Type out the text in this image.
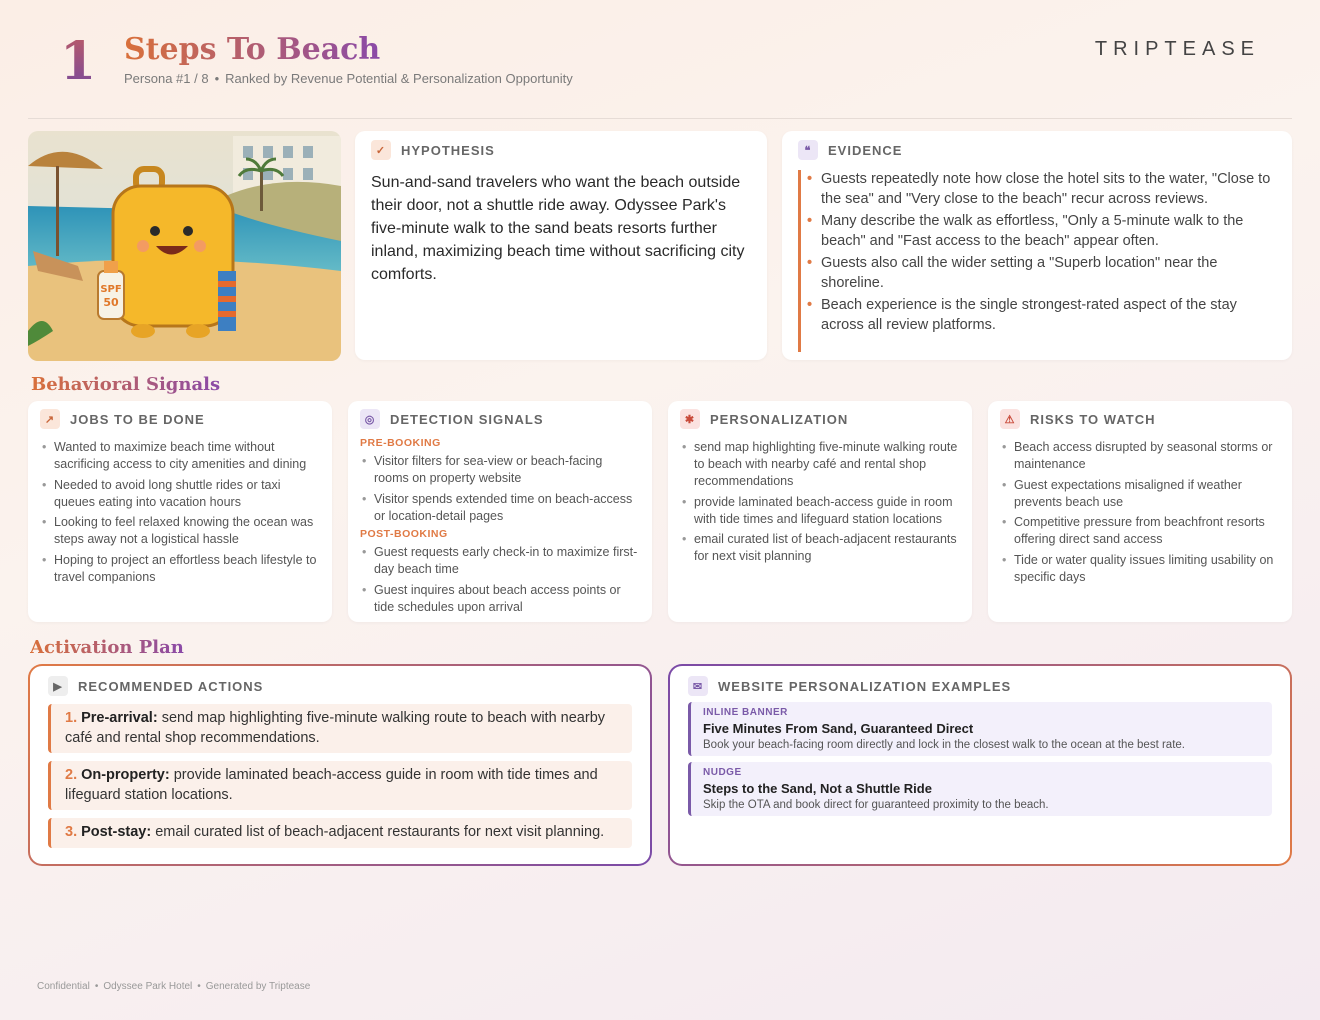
1 Steps To Beach
Persona #1 / 8 • Ranked by Revenue Potential & Personalization Opportunity
TRIPTEASE
SPF
50
✓	HYPOTHESIS
Sun-and-sand travelers who want the beach outside their door, not a shuttle ride away. Odyssee Park's five-minute walk to the sand beats resorts further inland, maximizing beach time without sacrificing city comforts.
❝	EVIDENCE
• Guests repeatedly note how close the hotel sits to the water, "Close to the sea" and "Very close to the beach" recur across reviews.
• Many describe the walk as effortless, "Only a 5-minute walk to the beach" and "Fast access to the beach" appear often.
• Guests also call the wider setting a "Superb location" near the shoreline.
• Beach experience is the single strongest-rated aspect of the stay across all review platforms.
Behavioral Signals
↗	JOBS TO BE DONE
• Wanted to maximize beach time without sacrificing access to city amenities and dining
• Needed to avoid long shuttle rides or taxi queues eating into vacation hours
• Looking to feel relaxed knowing the ocean was steps away not a logistical hassle
• Hoping to project an effortless beach lifestyle to travel companions
◎	DETECTION SIGNALS
PRE-BOOKING
• Visitor filters for sea-view or beach-facing rooms on property website
• Visitor spends extended time on beach-access or location-detail pages
POST-BOOKING
• Guest requests early check-in to maximize first-day beach time
• Guest inquires about beach access points or tide schedules upon arrival
✱	PERSONALIZATION
• send map highlighting five-minute walking route to beach with nearby café and rental shop recommendations
• provide laminated beach-access guide in room with tide times and lifeguard station locations
• email curated list of beach-adjacent restaurants for next visit planning
⚠	RISKS TO WATCH
• Beach access disrupted by seasonal storms or maintenance
• Guest expectations misaligned if weather prevents beach use
• Competitive pressure from beachfront resorts offering direct sand access
• Tide or water quality issues limiting usability on specific days
Activation Plan
▶	RECOMMENDED ACTIONS
1. Pre-arrival: send map highlighting five-minute walking route to beach with nearby café and rental shop recommendations.
2. On-property: provide laminated beach-access guide in room with tide times and lifeguard station locations.
3. Post-stay: email curated list of beach-adjacent restaurants for next visit planning.
✉	WEBSITE PERSONALIZATION EXAMPLES
INLINE BANNER
Five Minutes From Sand, Guaranteed Direct
Book your beach-facing room directly and lock in the closest walk to the ocean at the best rate.
NUDGE
Steps to the Sand, Not a Shuttle Ride
Skip the OTA and book direct for guaranteed proximity to the beach.
Confidential • Odyssee Park Hotel • Generated by Triptease
